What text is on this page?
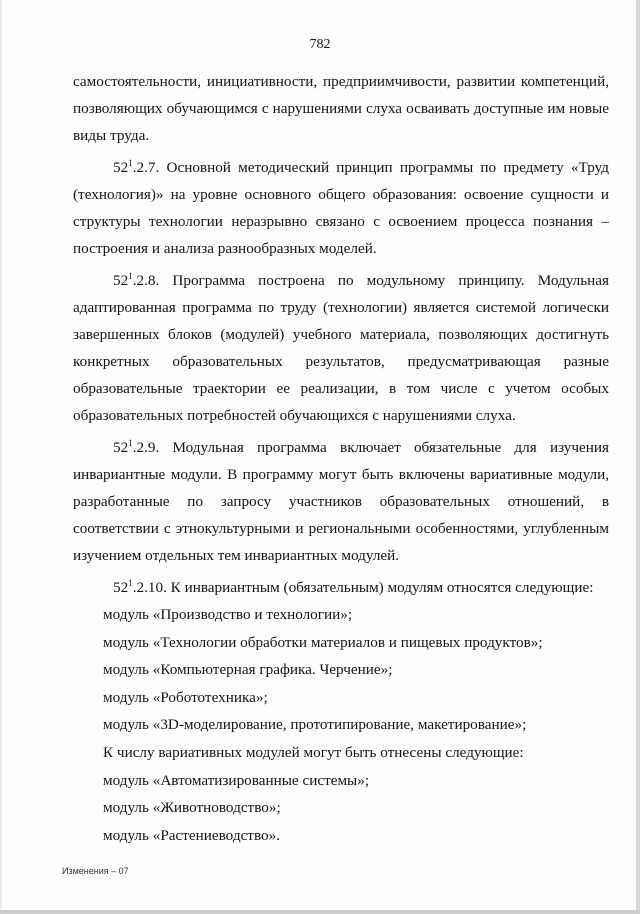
782

самостоятельности, инициативности, предприимчивости, развитии компетенций, позволяющих обучающимся с нарушениями слуха осваивать доступные им новые виды труда.

$52^1.2.7$. Основной методический принцип программы по предмету «Труд (технология)» на уровне основного общего образования: освоение сущности и структуры технологии неразрывно связано с освоением процесса познания – построения и анализа разнообразных моделей.

$52^1.2.8$. Программа построена по модульному принципу. Модульная адаптированная программа по труду (технологии) является системой логически завершенных блоков (модулей) учебного материала, позволяющих достигнуть конкретных образовательных результатов, предусматривающая разные образовательные траектории ее реализации, в том числе с учетом особых образовательных потребностей обучающихся с нарушениями слуха.

$52^1.2.9$. Модульная программа включает обязательные для изучения инвариантные модули. В программу могут быть включены вариативные модули, разработанные по запросу участников образовательных отношений, в соответствии с этнокультурными и региональными особенностями, углубленным изучением отдельных тем инвариантных модулей.

$52^1.2.10$. К инвариантным (обязательным) модулям относятся следующие:

модуль «Производство и технологии»;

модуль «Технологии обработки материалов и пищевых продуктов»;

модуль «Компьютерная графика. Черчение»;

модуль «Робототехника»;

модуль «3D-моделирование, прототипирование, макетирование»;

К числу вариативных модулей могут быть отнесены следующие:

модуль «Автоматизированные системы»;

модуль «Животноводство»;

модуль «Растениеводство».

Изменения – 07
